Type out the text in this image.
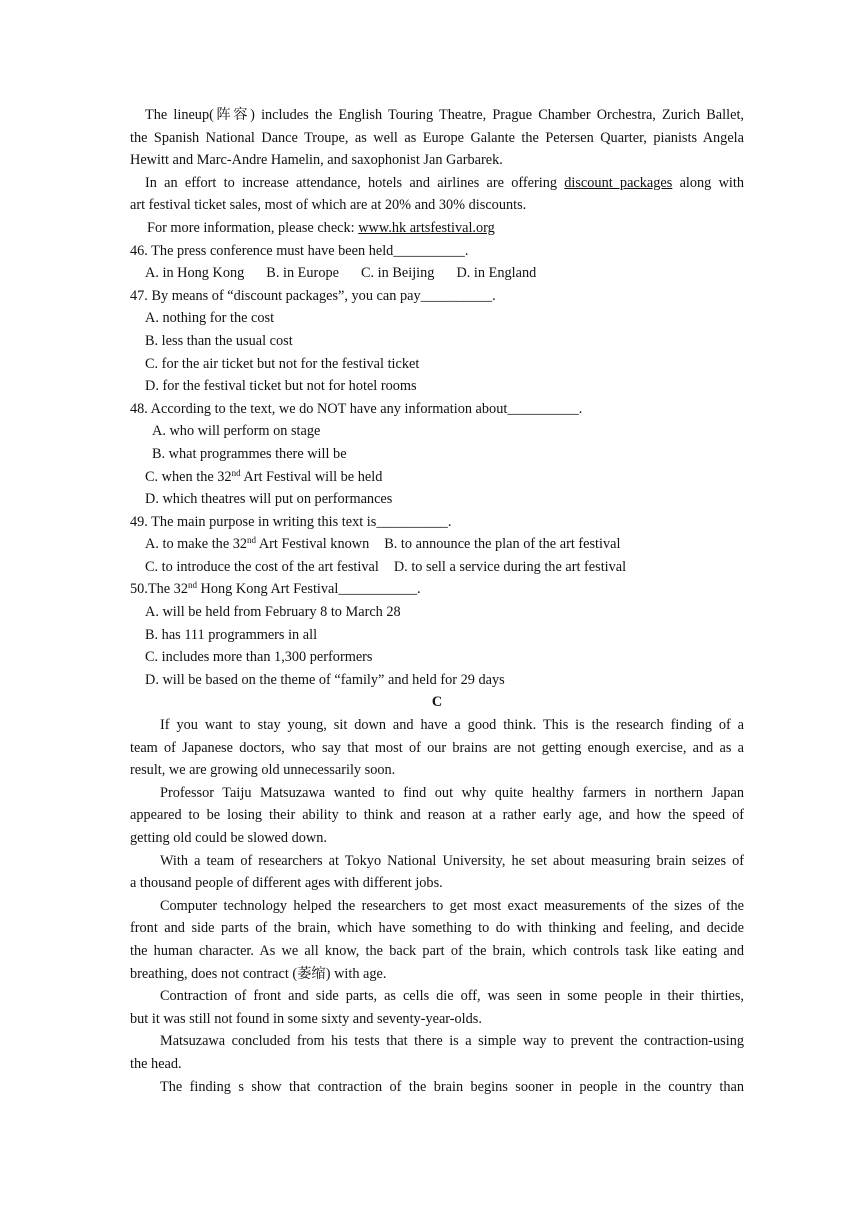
The lineup(阵容) includes the English Touring Theatre, Prague Chamber Orchestra, Zurich Ballet,
the Spanish National Dance Troupe, as well as Europe Galante the Petersen Quarter, pianists Angela
Hewitt and Marc-Andre Hamelin, and saxophonist Jan Garbarek.
In an effort to increase attendance, hotels and airlines are offering discount packages along with
art festival ticket sales, most of which are at 20% and 30% discounts.
For more information, please check: www.hk artsfestival.org
46. The press conference must have been held__________.
A. in Hong Kong B. in Europe C. in Beijing D. in England
47. By means of “discount packages”, you can pay__________.
A. nothing for the cost
B. less than the usual cost
C. for the air ticket but not for the festival ticket
D. for the festival ticket but not for hotel rooms
48. According to the text, we do NOT have any information about__________.
A. who will perform on stage
B. what programmes there will be
C. when the 32nd Art Festival will be held
D. which theatres will put on performances
49. The main purpose in writing this text is__________.
A. to make the 32nd Art Festival known B. to announce the plan of the art festival
C. to introduce the cost of the art festival D. to sell a service during the art festival
50.The 32nd Hong Kong Art Festival___________.
A. will be held from February 8 to March 28
B. has 111 programmers in all
C. includes more than 1,300 performers
D. will be based on the theme of “family” and held for 29 days
C
If you want to stay young, sit down and have a good think. This is the research finding of a
team of Japanese doctors, who say that most of our brains are not getting enough exercise, and as a
result, we are growing old unnecessarily soon.
Professor Taiju Matsuzawa wanted to find out why quite healthy farmers in northern Japan
appeared to be losing their ability to think and reason at a rather early age, and how the speed of
getting old could be slowed down.
With a team of researchers at Tokyo National University, he set about measuring brain seizes of
a thousand people of different ages with different jobs.
Computer technology helped the researchers to get most exact measurements of the sizes of the
front and side parts of the brain, which have something to do with thinking and feeling, and decide
the human character. As we all know, the back part of the brain, which controls task like eating and
breathing, does not contract (萎缩) with age.
Contraction of front and side parts, as cells die off, was seen in some people in their thirties,
but it was still not found in some sixty and seventy-year-olds.
Matsuzawa concluded from his tests that there is a simple way to prevent the contraction-using
the head.
The finding s show that contraction of the brain begins sooner in people in the country than
